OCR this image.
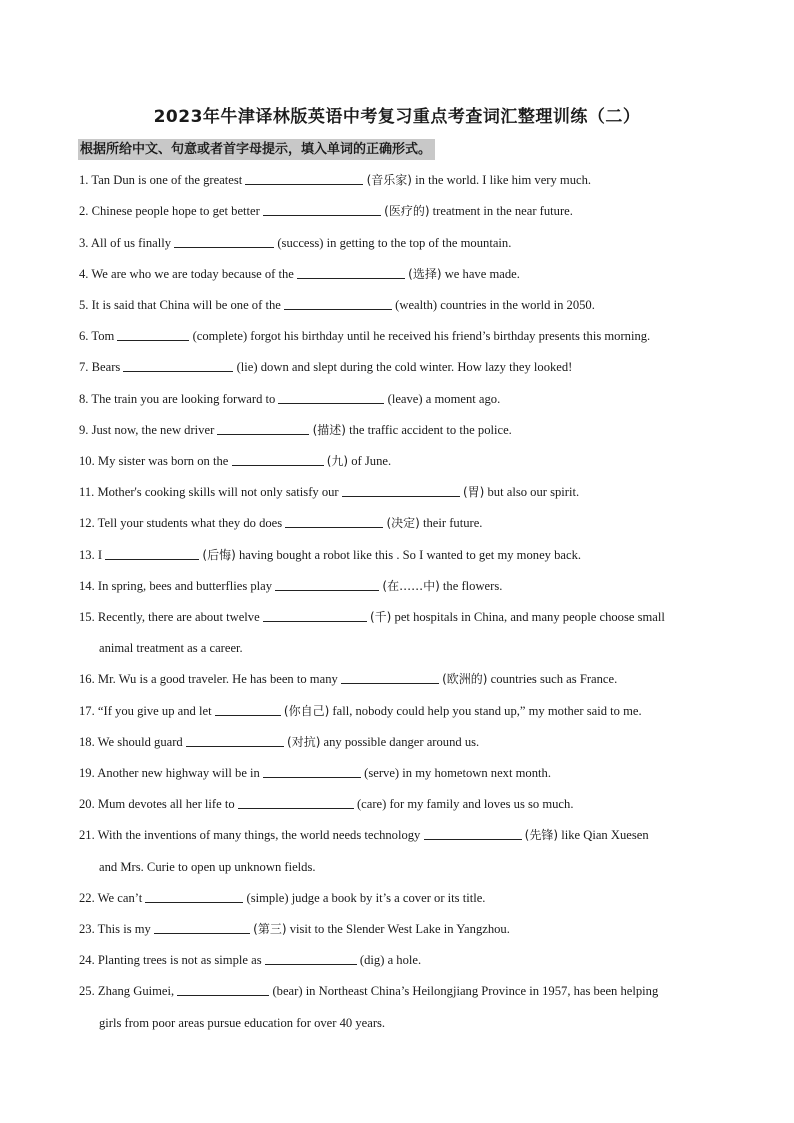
2023年牛津译林版英语中考复习重点考查词汇整理训练（二）
根据所给中文、句意或者首字母提示，填入单词的正确形式。
1. Tan Dun is one of the greatest	(音乐家) in the world. I like him very much.
2. Chinese people hope to get better	(医疗的) treatment in the near future.
3. All of us finally	(success) in getting to the top of the mountain.
4. We are who we are today because of the	(选择) we have made.
5. It is said that China will be one of the	(wealth) countries in the world in 2050.
6. Tom	(complete) forgot his birthday until he received his friend’s birthday presents this morning.
7. Bears	(lie) down and slept during the cold winter. How lazy they looked!
8. The train you are looking forward to	(leave) a moment ago.
9. Just now, the new driver	(描述) the traffic accident to the police.
10. My sister was born on the	(九) of June.
11. Mother's cooking skills will not only satisfy our	(胃) but also our spirit.
12. Tell your students what they do does	(决定) their future.
13. I	(后悔) having bought a robot like this . So I wanted to get my money back.
14. In spring, bees and butterflies play	(在……中) the flowers.
15. Recently, there are about twelve	(千) pet hospitals in China, and many people choose small
animal treatment as a career.
16. Mr. Wu is a good traveler. He has been to many	(欧洲的) countries such as France.
17. “If you give up and let	(你自己) fall, nobody could help you stand up,” my mother said to me.
18. We should guard	(对抗) any possible danger around us.
19. Another new highway will be in	(serve) in my hometown next month.
20. Mum devotes all her life to	(care) for my family and loves us so much.
21. With the inventions of many things, the world needs technology	(先锋) like Qian Xuesen
and Mrs. Curie to open up unknown fields.
22. We can’t	(simple) judge a book by it’s a cover or its title.
23. This is my	(第三) visit to the Slender West Lake in Yangzhou.
24. Planting trees is not as simple as	(dig) a hole.
25. Zhang Guimei,	(bear) in Northeast China’s Heilongjiang Province in 1957, has been helping
girls from poor areas pursue education for over 40 years.
